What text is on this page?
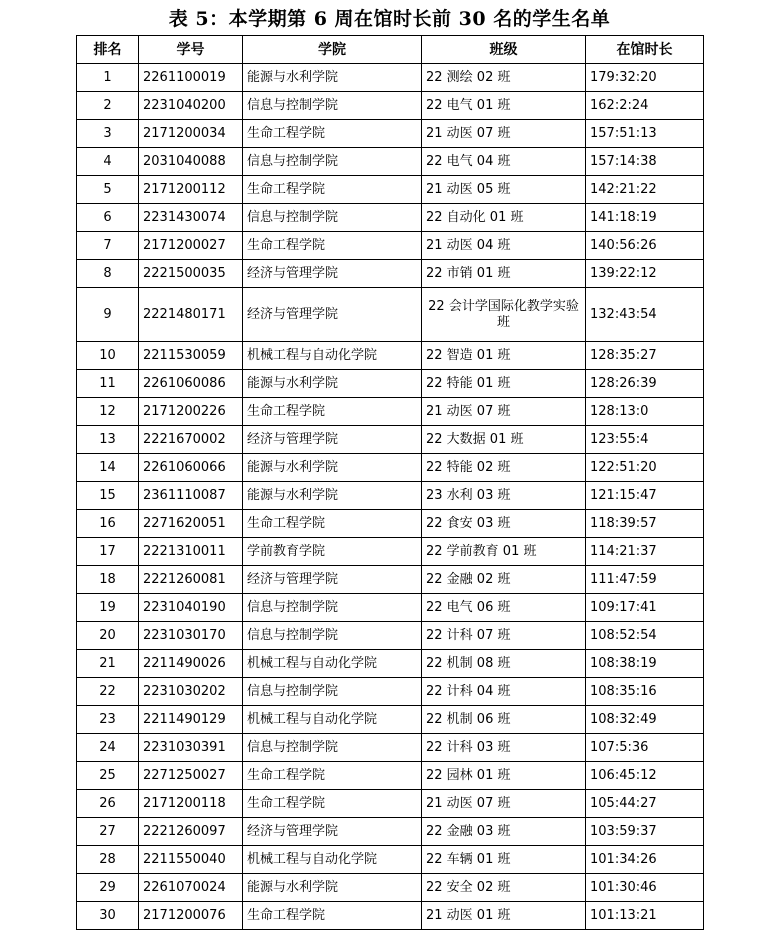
表 5：本学期第 6 周在馆时长前 30 名的学生名单
排名	学号	学院	班级	在馆时长
1	2261100019	能源与水利学院	22 测绘 02 班	179:32:20
2	2231040200	信息与控制学院	22 电气 01 班	162:2:24
3	2171200034	生命工程学院	21 动医 07 班	157:51:13
4	2031040088	信息与控制学院	22 电气 04 班	157:14:38
5	2171200112	生命工程学院	21 动医 05 班	142:21:22
6	2231430074	信息与控制学院	22 自动化 01 班	141:18:19
7	2171200027	生命工程学院	21 动医 04 班	140:56:26
8	2221500035	经济与管理学院	22 市销 01 班	139:22:12
9	2221480171	经济与管理学院	22 会计学国际化教学实验班	132:43:54
10	2211530059	机械工程与自动化学院	22 智造 01 班	128:35:27
11	2261060086	能源与水利学院	22 特能 01 班	128:26:39
12	2171200226	生命工程学院	21 动医 07 班	128:13:0
13	2221670002	经济与管理学院	22 大数据 01 班	123:55:4
14	2261060066	能源与水利学院	22 特能 02 班	122:51:20
15	2361110087	能源与水利学院	23 水利 03 班	121:15:47
16	2271620051	生命工程学院	22 食安 03 班	118:39:57
17	2221310011	学前教育学院	22 学前教育 01 班	114:21:37
18	2221260081	经济与管理学院	22 金融 02 班	111:47:59
19	2231040190	信息与控制学院	22 电气 06 班	109:17:41
20	2231030170	信息与控制学院	22 计科 07 班	108:52:54
21	2211490026	机械工程与自动化学院	22 机制 08 班	108:38:19
22	2231030202	信息与控制学院	22 计科 04 班	108:35:16
23	2211490129	机械工程与自动化学院	22 机制 06 班	108:32:49
24	2231030391	信息与控制学院	22 计科 03 班	107:5:36
25	2271250027	生命工程学院	22 园林 01 班	106:45:12
26	2171200118	生命工程学院	21 动医 07 班	105:44:27
27	2221260097	经济与管理学院	22 金融 03 班	103:59:37
28	2211550040	机械工程与自动化学院	22 车辆 01 班	101:34:26
29	2261070024	能源与水利学院	22 安全 02 班	101:30:46
30	2171200076	生命工程学院	21 动医 01 班	101:13:21
